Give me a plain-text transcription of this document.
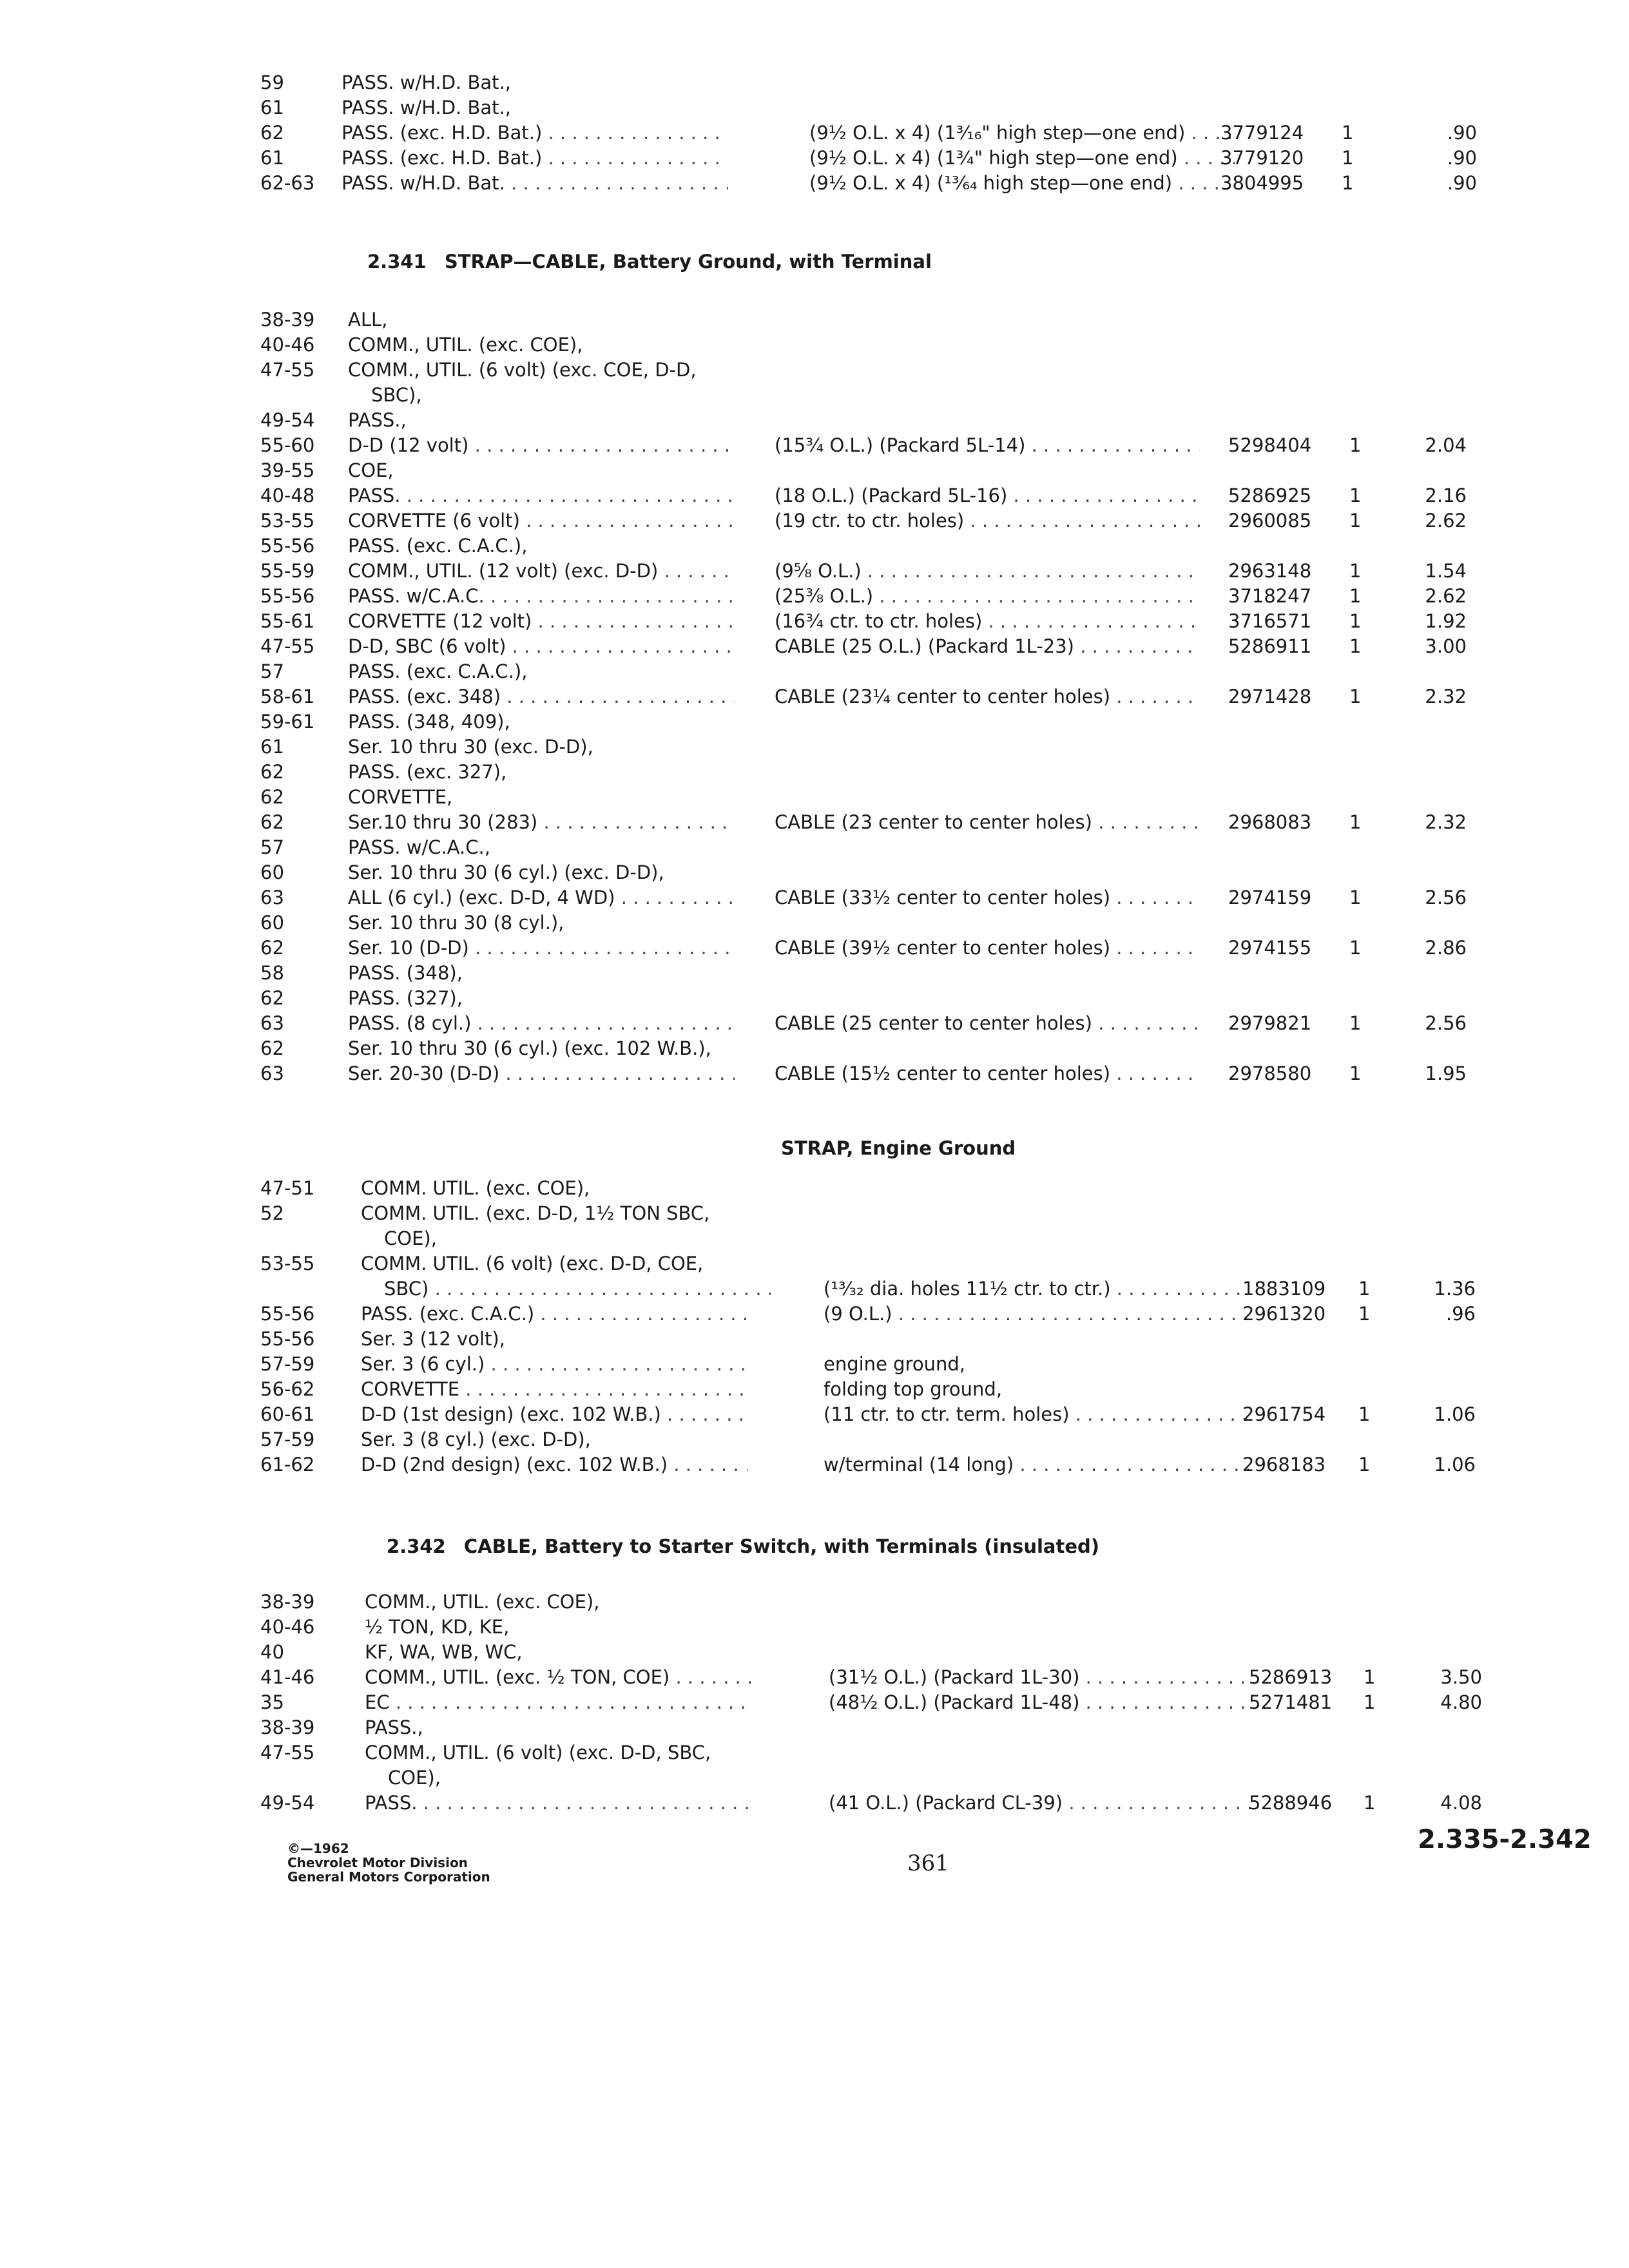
59	PASS. w/H.D. Bat.,
61	PASS. w/H.D. Bat.,
62	PASS. (exc. H.D. Bat.) . . .	(9½ O.L. x 4) (1³⁄₁₆" high step—one end) . . .	3779124 1	.90
61	PASS. (exc. H.D. Bat.) . . .	(9½ O.L. x 4) (1¾" high step—one end) . . .	3779120 1	.90
62-63 PASS. w/H.D. Bat. . . .	(9½ O.L. x 4) (¹³⁄₆₄ high step—one end) . . .	3804995 1	.90
2.341 STRAP—CABLE, Battery Ground, with Terminal
38-39 ALL,
40-46 COMM., UTIL. (exc. COE),
47-55 COMM., UTIL. (6 volt) (exc. COE, D-D,
SBC),
49-54 PASS.,
55-60 D-D (12 volt) . . .	(15¾ O.L.) (Packard 5L-14) . . .	5298404 1	2.04
39-55 COE,
40-48 PASS. . . .	(18 O.L.) (Packard 5L-16) . . .	5286925 1	2.16
53-55 CORVETTE (6 volt) . . .	(19 ctr. to ctr. holes) . . .	2960085 1	2.62
55-56 PASS. (exc. C.A.C.),
55-59 COMM., UTIL. (12 volt) (exc. D-D) . . .	(9⅝ O.L.) . . .	2963148 1	1.54
55-56 PASS. w/C.A.C. . . .	(25⅜ O.L.) . . .	3718247 1	2.62
55-61 CORVETTE (12 volt) . . .	(16¾ ctr. to ctr. holes) . . .	3716571 1	1.92
47-55 D-D, SBC (6 volt) . . .	CABLE (25 O.L.) (Packard 1L-23) . . .	5286911 1	3.00
57	PASS. (exc. C.A.C.),
58-61 PASS. (exc. 348) . . .	CABLE (23¼ center to center holes) . . .	2971428 1	2.32
59-61 PASS. (348, 409),
61	Ser. 10 thru 30 (exc. D-D),
62	PASS. (exc. 327),
62	CORVETTE,
62	Ser.10 thru 30 (283) . . .	CABLE (23 center to center holes) . . .	2968083 1	2.32
57	PASS. w/C.A.C.,
60	Ser. 10 thru 30 (6 cyl.) (exc. D-D),
63	ALL (6 cyl.) (exc. D-D, 4 WD) . . .	CABLE (33½ center to center holes) . . .	2974159 1	2.56
60	Ser. 10 thru 30 (8 cyl.),
62	Ser. 10 (D-D) . . .	CABLE (39½ center to center holes) . . .	2974155 1	2.86
58	PASS. (348),
62	PASS. (327),
63	PASS. (8 cyl.) . . .	CABLE (25 center to center holes) . . .	2979821 1	2.56
62	Ser. 10 thru 30 (6 cyl.) (exc. 102 W.B.),
63	Ser. 20-30 (D-D) . . .	CABLE (15½ center to center holes) . . .	2978580 1	1.95
STRAP, Engine Ground
47-51 COMM. UTIL. (exc. COE),
52	COMM. UTIL. (exc. D-D, 1½ TON SBC,
COE),
53-55 COMM. UTIL. (6 volt) (exc. D-D, COE,
SBC) . . .	(¹³⁄₃₂ dia. holes 11½ ctr. to ctr.) . . .	1883109 1	1.36
55-56 PASS. (exc. C.A.C.) . . .	(9 O.L.) . . .	2961320 1	.96
55-56 Ser. 3 (12 volt),
57-59 Ser. 3 (6 cyl.) . . .	engine ground,
56-62 CORVETTE . . .	folding top ground,
60-61 D-D (1st design) (exc. 102 W.B.) . . .	(11 ctr. to ctr. term. holes) . . .	2961754 1	1.06
57-59 Ser. 3 (8 cyl.) (exc. D-D),
61-62 D-D (2nd design) (exc. 102 W.B.) . . .	w/terminal (14 long) . . .	2968183 1	1.06
2.342 CABLE, Battery to Starter Switch, with Terminals (insulated)
38-39	COMM., UTIL. (exc. COE),
40-46	½ TON, KD, KE,
40	KF, WA, WB, WC,
41-46	COMM., UTIL. (exc. ½ TON, COE) . . .	(31½ O.L.) (Packard 1L-30) . . .	5286913 1	3.50
35	EC . . .	(48½ O.L.) (Packard 1L-48) . . .	5271481 1	4.80
38-39	PASS.,
47-55	COMM., UTIL. (6 volt) (exc. D-D, SBC,
COE),
49-54	PASS. . . .	(41 O.L.) (Packard CL-39) . . .	5288946 1	4.08
©—1962
Chevrolet Motor Division
General Motors Corporation
361
2.335-2.342
